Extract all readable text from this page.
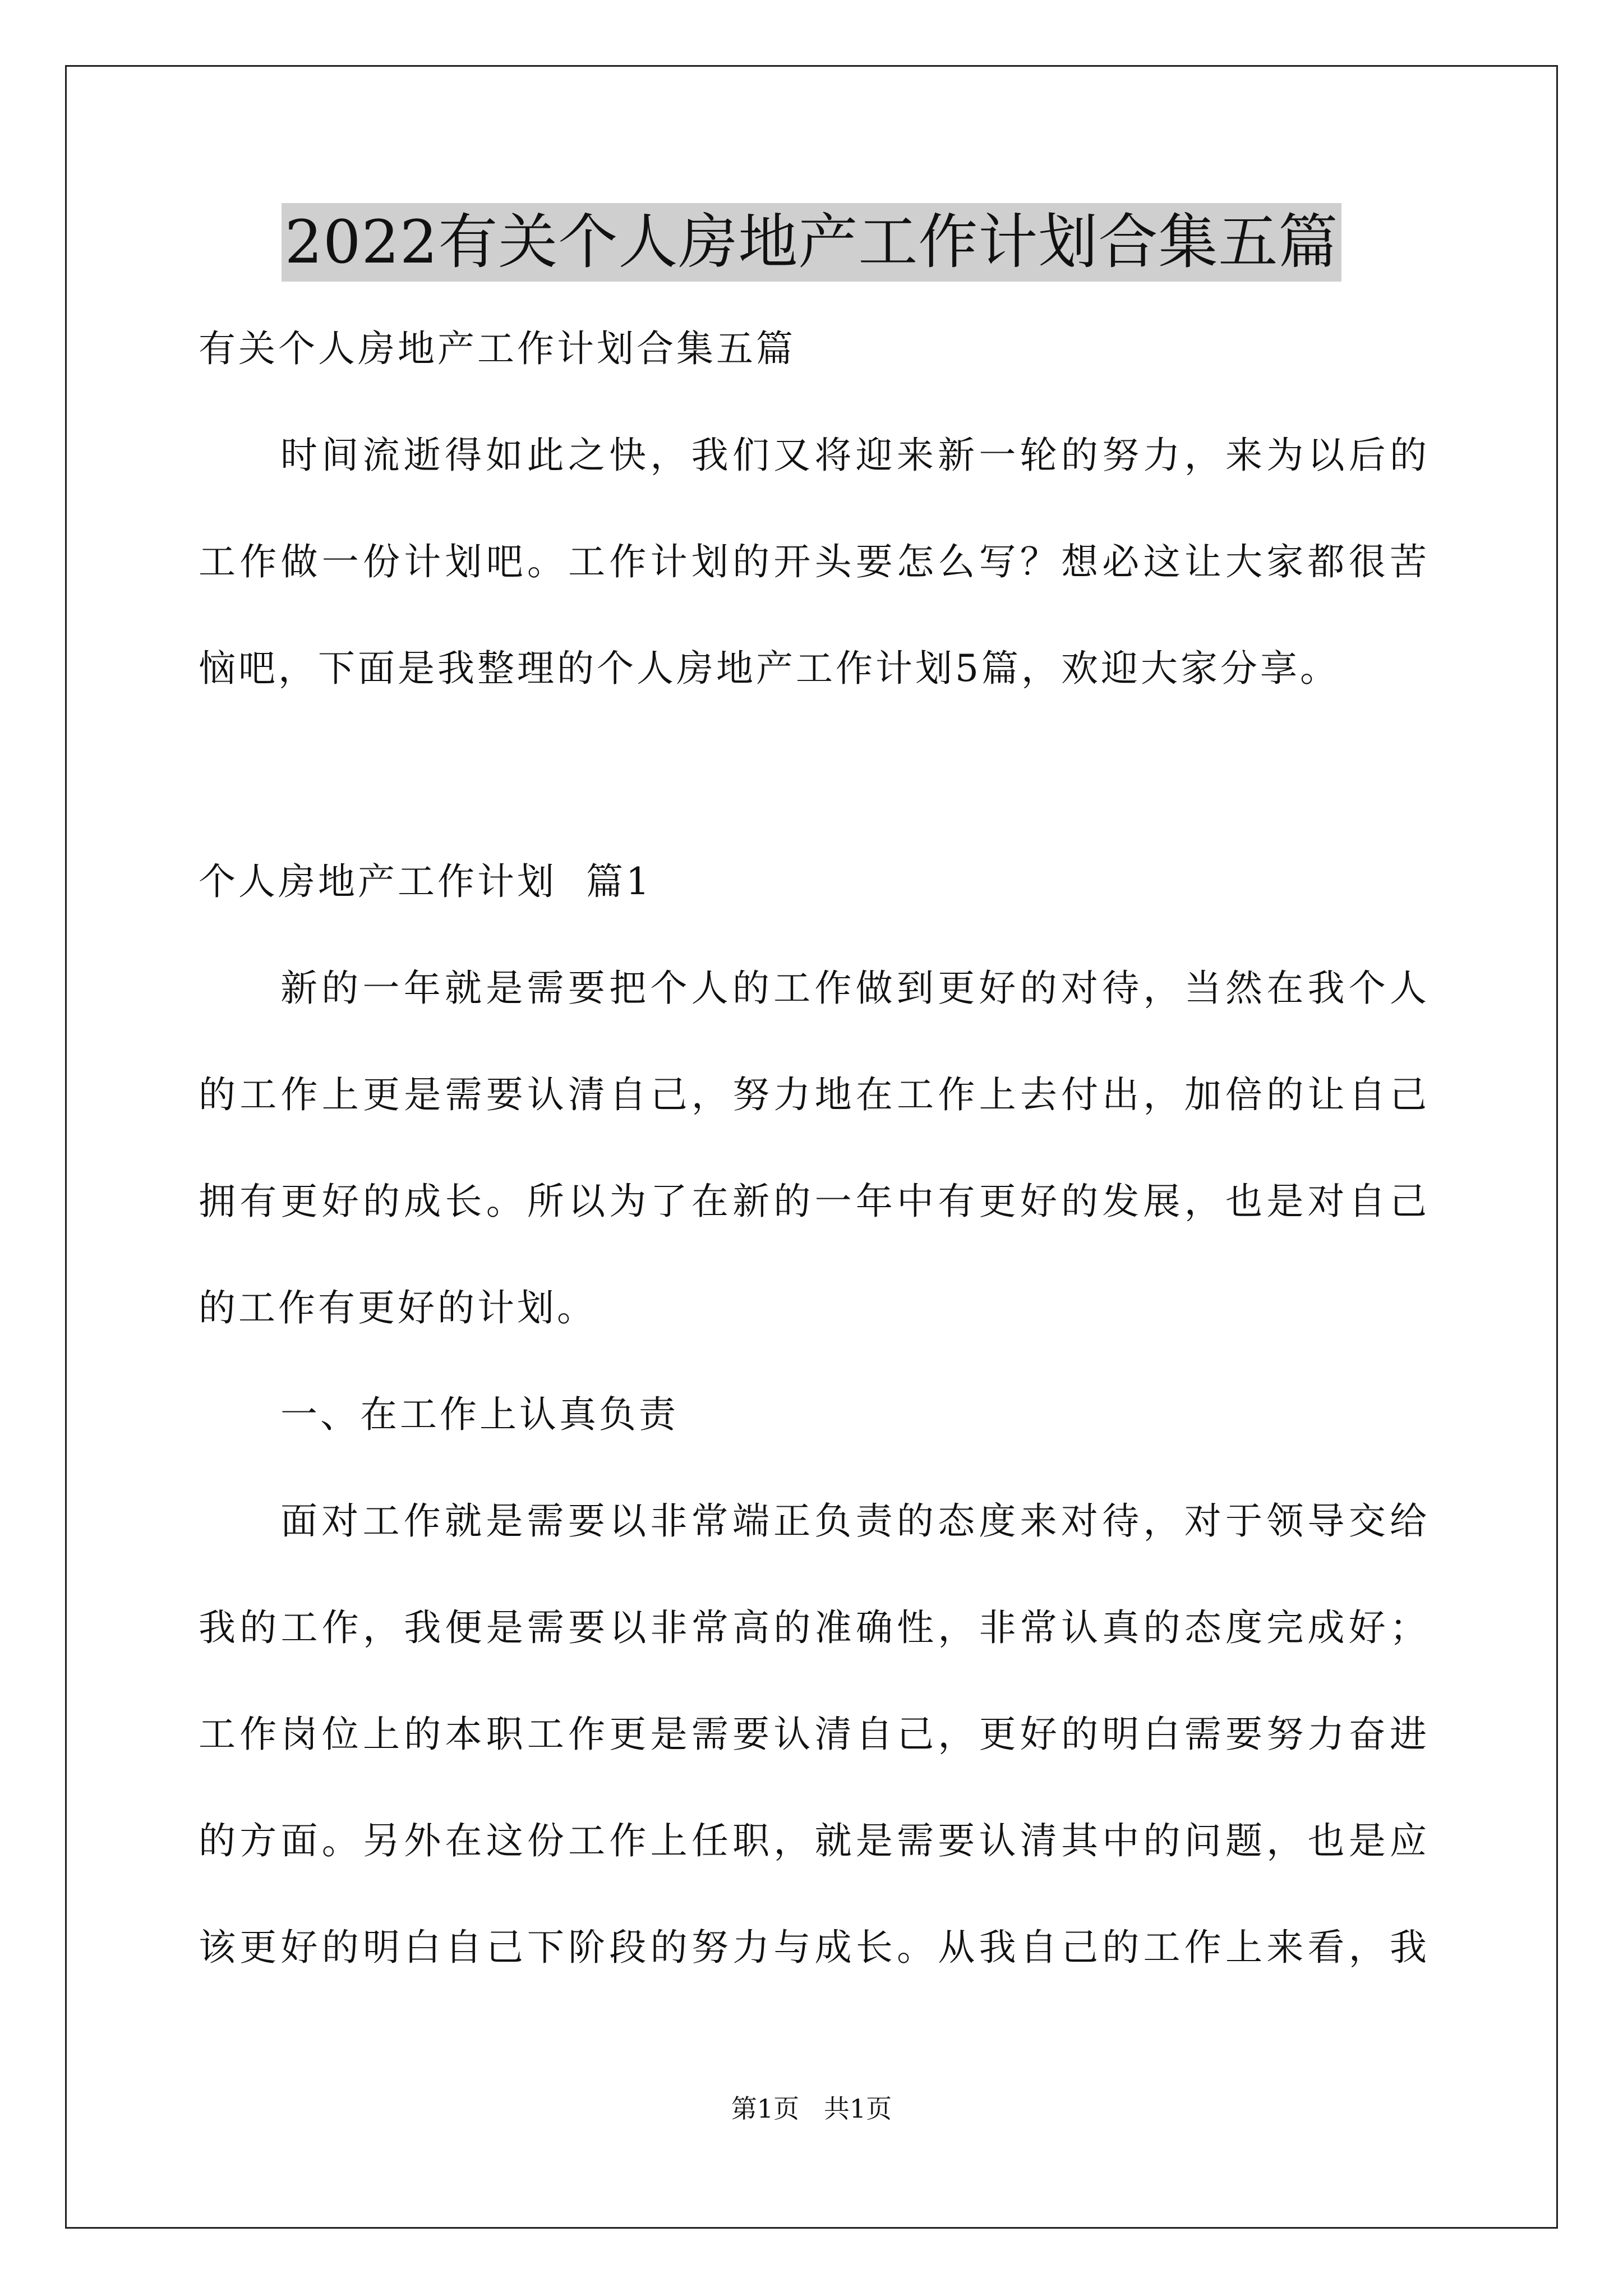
2022有关个人房地产工作计划合集五篇
有关个人房地产工作计划合集五篇
时间流逝得如此之快，我们又将迎来新一轮的努力，来为以后的
工作做一份计划吧。工作计划的开头要怎么写？想必这让大家都很苦
恼吧，下面是我整理的个人房地产工作计划5篇，欢迎大家分享。
个人房地产工作计划  篇1
新的一年就是需要把个人的工作做到更好的对待，当然在我个人
的工作上更是需要认清自己，努力地在工作上去付出，加倍的让自己
拥有更好的成长。所以为了在新的一年中有更好的发展，也是对自己
的工作有更好的计划。
一、在工作上认真负责
面对工作就是需要以非常端正负责的态度来对待，对于领导交给
我的工作，我便是需要以非常高的准确性，非常认真的态度完成好；
工作岗位上的本职工作更是需要认清自己，更好的明白需要努力奋进
的方面。另外在这份工作上任职，就是需要认清其中的问题，也是应
该更好的明白自己下阶段的努力与成长。从我自己的工作上来看，我
第1页   共1页
